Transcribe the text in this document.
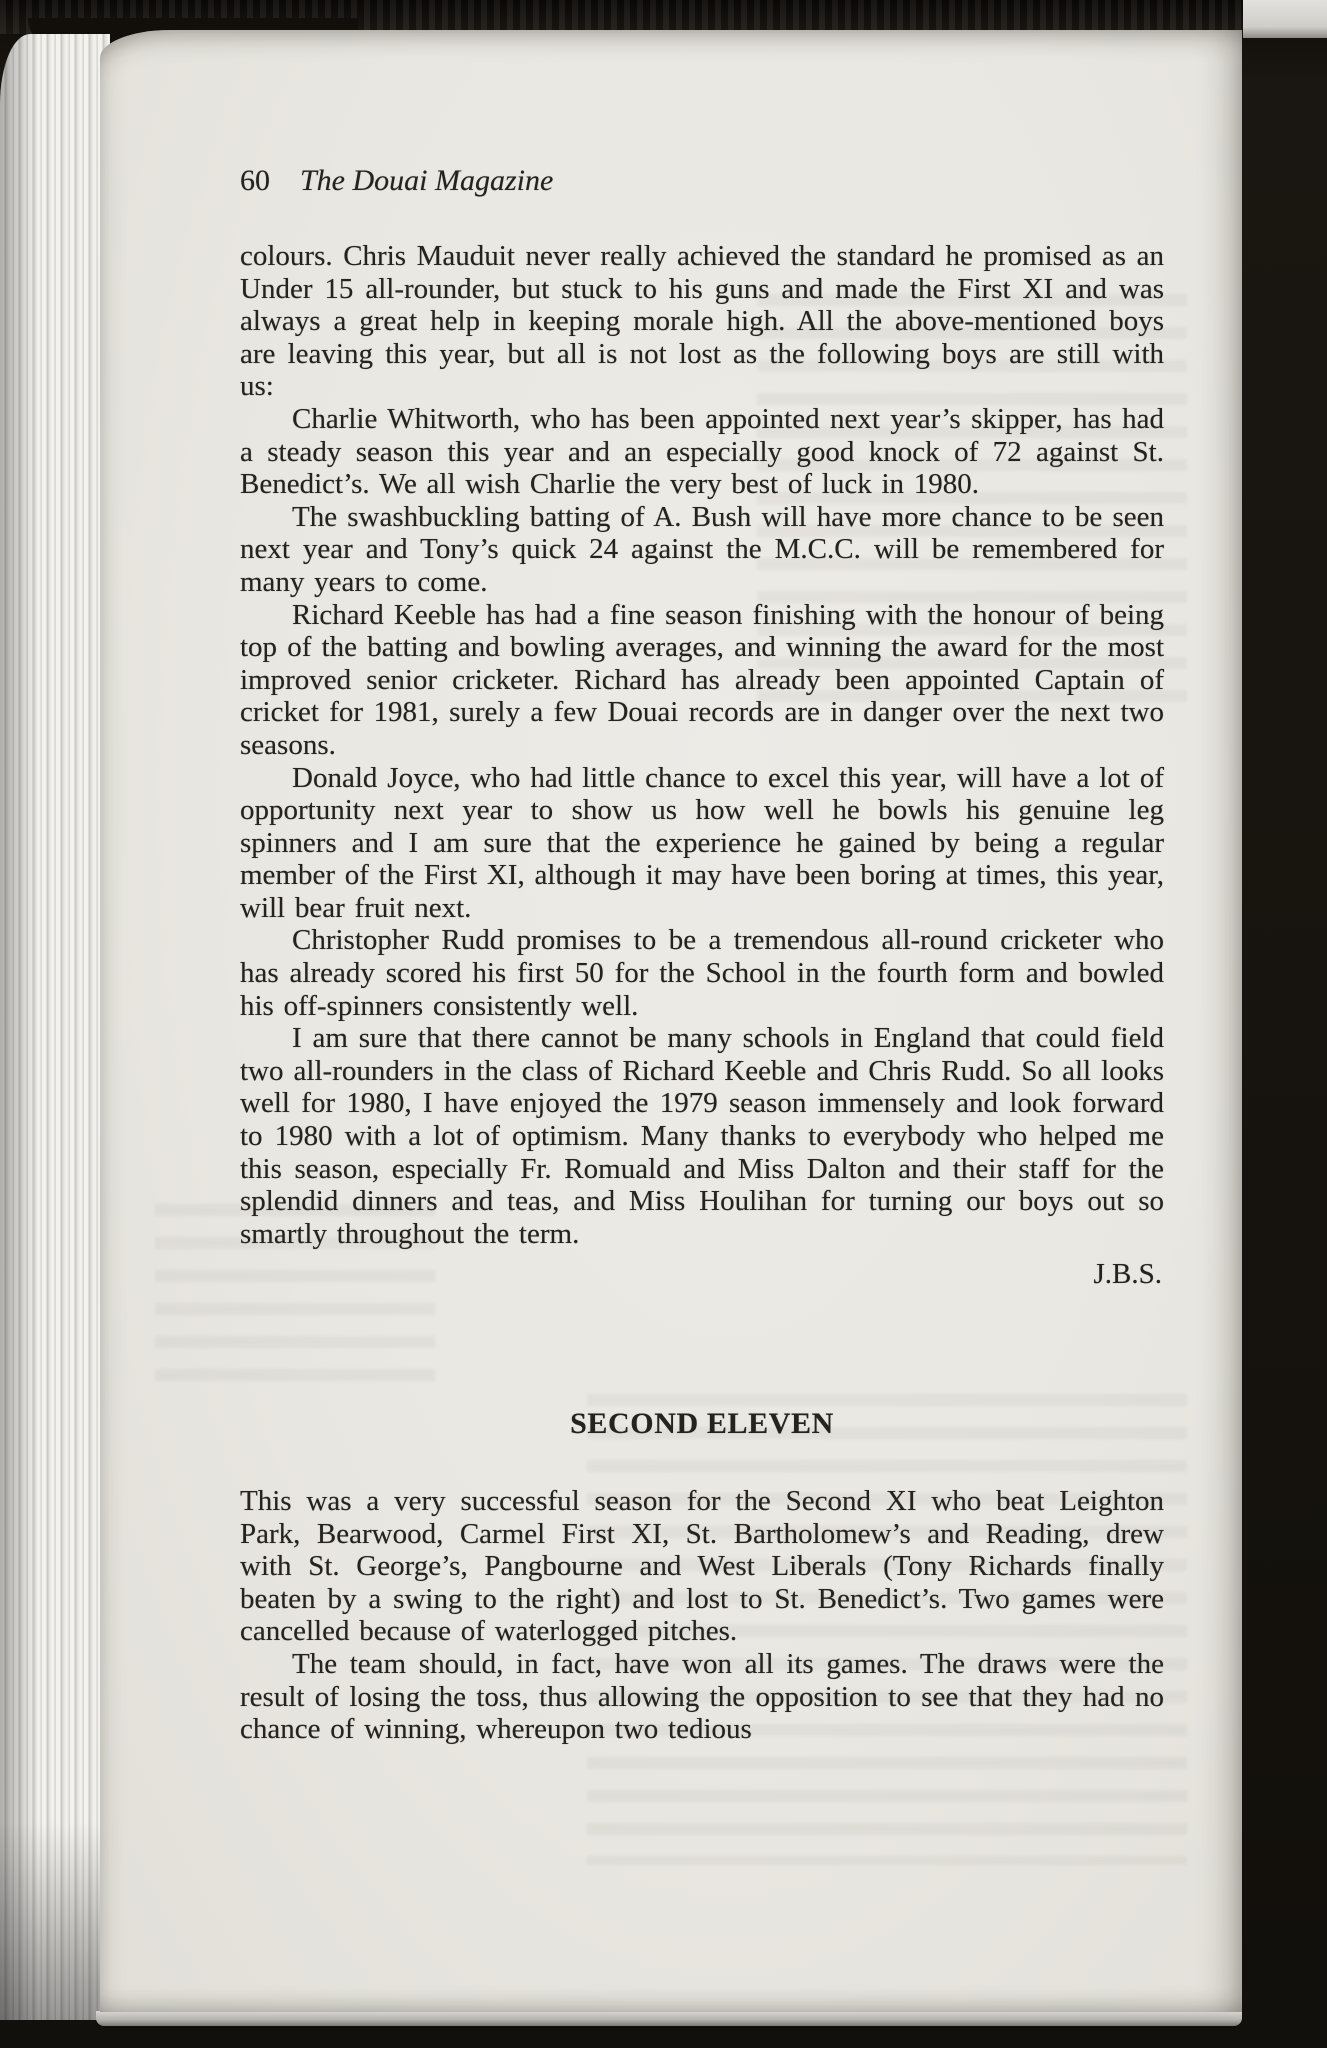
60 The Douai Magazine

colours. Chris Mauduit never really achieved the standard he promised as an Under 15 all-rounder, but stuck to his guns and made the First XI and was always a great help in keeping morale high. All the above-mentioned boys are leaving this year, but all is not lost as the following boys are still with us:

Charlie Whitworth, who has been appointed next year’s skipper, has had a steady season this year and an especially good knock of 72 against St. Benedict’s. We all wish Charlie the very best of luck in 1980.

The swashbuckling batting of A. Bush will have more chance to be seen next year and Tony’s quick 24 against the M.C.C. will be remembered for many years to come.

Richard Keeble has had a fine season finishing with the honour of being top of the batting and bowling averages, and winning the award for the most improved senior cricketer. Richard has already been appointed Captain of cricket for 1981, surely a few Douai records are in danger over the next two seasons.

Donald Joyce, who had little chance to excel this year, will have a lot of opportunity next year to show us how well he bowls his genuine leg spinners and I am sure that the experience he gained by being a regular member of the First XI, although it may have been boring at times, this year, will bear fruit next.

Christopher Rudd promises to be a tremendous all-round cricketer who has already scored his first 50 for the School in the fourth form and bowled his off-spinners consistently well.

I am sure that there cannot be many schools in England that could field two all-rounders in the class of Richard Keeble and Chris Rudd. So all looks well for 1980, I have enjoyed the 1979 season immensely and look forward to 1980 with a lot of optimism. Many thanks to everybody who helped me this season, especially Fr. Romuald and Miss Dalton and their staff for the splendid dinners and teas, and Miss Houlihan for turning our boys out so smartly throughout the term.

J.B.S.
SECOND ELEVEN

This was a very successful season for the Second XI who beat Leighton Park, Bearwood, Carmel First XI, St. Bartholomew’s and Reading, drew with St. George’s, Pangbourne and West Liberals (Tony Richards finally beaten by a swing to the right) and lost to St. Benedict’s. Two games were cancelled because of waterlogged pitches.

The team should, in fact, have won all its games. The draws were the result of losing the toss, thus allowing the opposition to see that they had no chance of winning, whereupon two tedious
